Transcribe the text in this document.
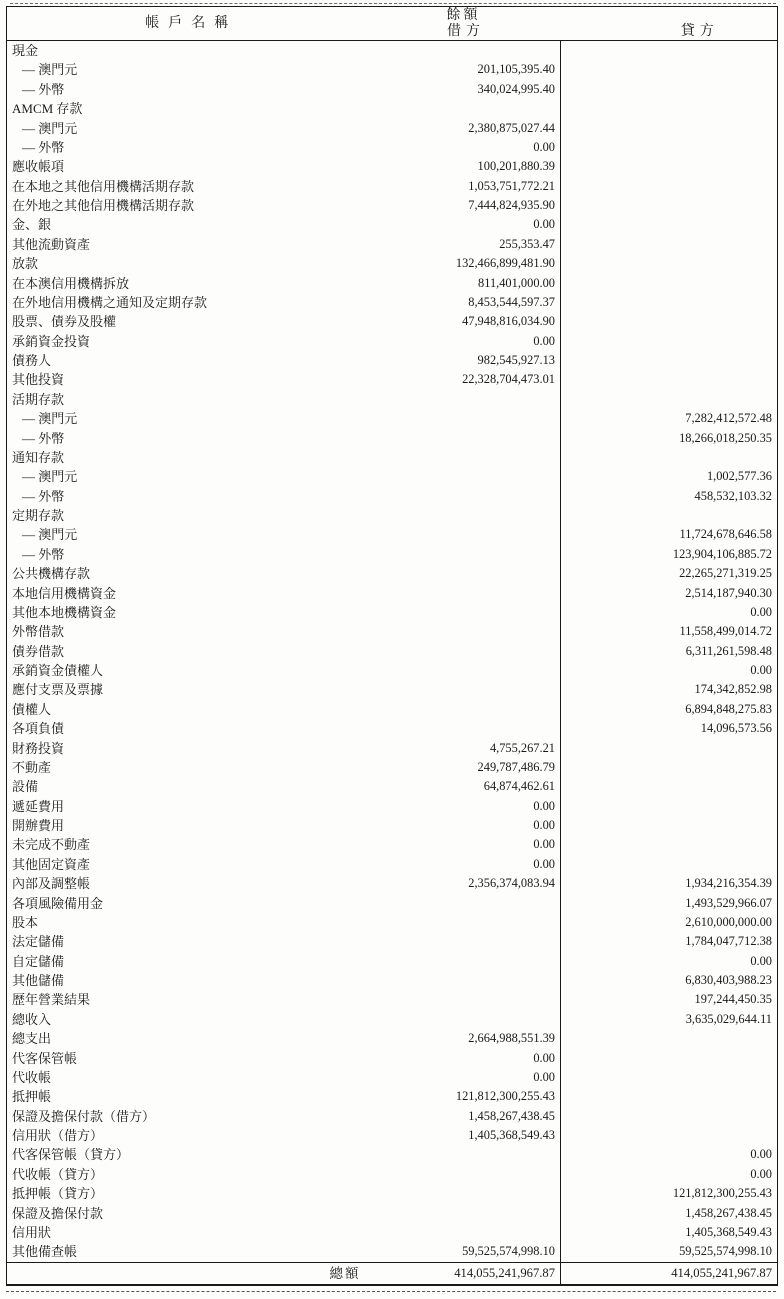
帳戶名稱	餘額	
	借方	貸方
現金		
— 澳門元	201,105,395.40	
— 外幣	340,024,995.40	
AMCM 存款		
— 澳門元	2,380,875,027.44	
— 外幣	0.00	
應收帳項	100,201,880.39	
在本地之其他信用機構活期存款	1,053,751,772.21	
在外地之其他信用機構活期存款	7,444,824,935.90	
金、銀	0.00	
其他流動資產	255,353.47	
放款	132,466,899,481.90	
在本澳信用機構拆放	811,401,000.00	
在外地信用機構之通知及定期存款	8,453,544,597.37	
股票、債券及股權	47,948,816,034.90	
承銷資金投資	0.00	
債務人	982,545,927.13	
其他投資	22,328,704,473.01	
活期存款		
— 澳門元		7,282,412,572.48
— 外幣		18,266,018,250.35
通知存款		
— 澳門元		1,002,577.36
— 外幣		458,532,103.32
定期存款		
— 澳門元		11,724,678,646.58
— 外幣		123,904,106,885.72
公共機構存款		22,265,271,319.25
本地信用機構資金		2,514,187,940.30
其他本地機構資金		0.00
外幣借款		11,558,499,014.72
債券借款		6,311,261,598.48
承銷資金債權人		0.00
應付支票及票據		174,342,852.98
債權人		6,894,848,275.83
各項負債		14,096,573.56
財務投資	4,755,267.21	
不動產	249,787,486.79	
設備	64,874,462.61	
遞延費用	0.00	
開辦費用	0.00	
未完成不動產	0.00	
其他固定資產	0.00	
內部及調整帳	2,356,374,083.94	1,934,216,354.39
各項風險備用金		1,493,529,966.07
股本		2,610,000,000.00
法定儲備		1,784,047,712.38
自定儲備		0.00
其他儲備		6,830,403,988.23
歷年營業結果		197,244,450.35
總收入		3,635,029,644.11
總支出	2,664,988,551.39	
代客保管帳	0.00	
代收帳	0.00	
抵押帳	121,812,300,255.43	
保證及擔保付款（借方）	1,458,267,438.45	
信用狀（借方）	1,405,368,549.43	
代客保管帳（貸方）		0.00
代收帳（貸方）		0.00
抵押帳（貸方）		121,812,300,255.43
保證及擔保付款		1,458,267,438.45
信用狀		1,405,368,549.43
其他備查帳	59,525,574,998.10	59,525,574,998.10
總額	414,055,241,967.87	414,055,241,967.87
